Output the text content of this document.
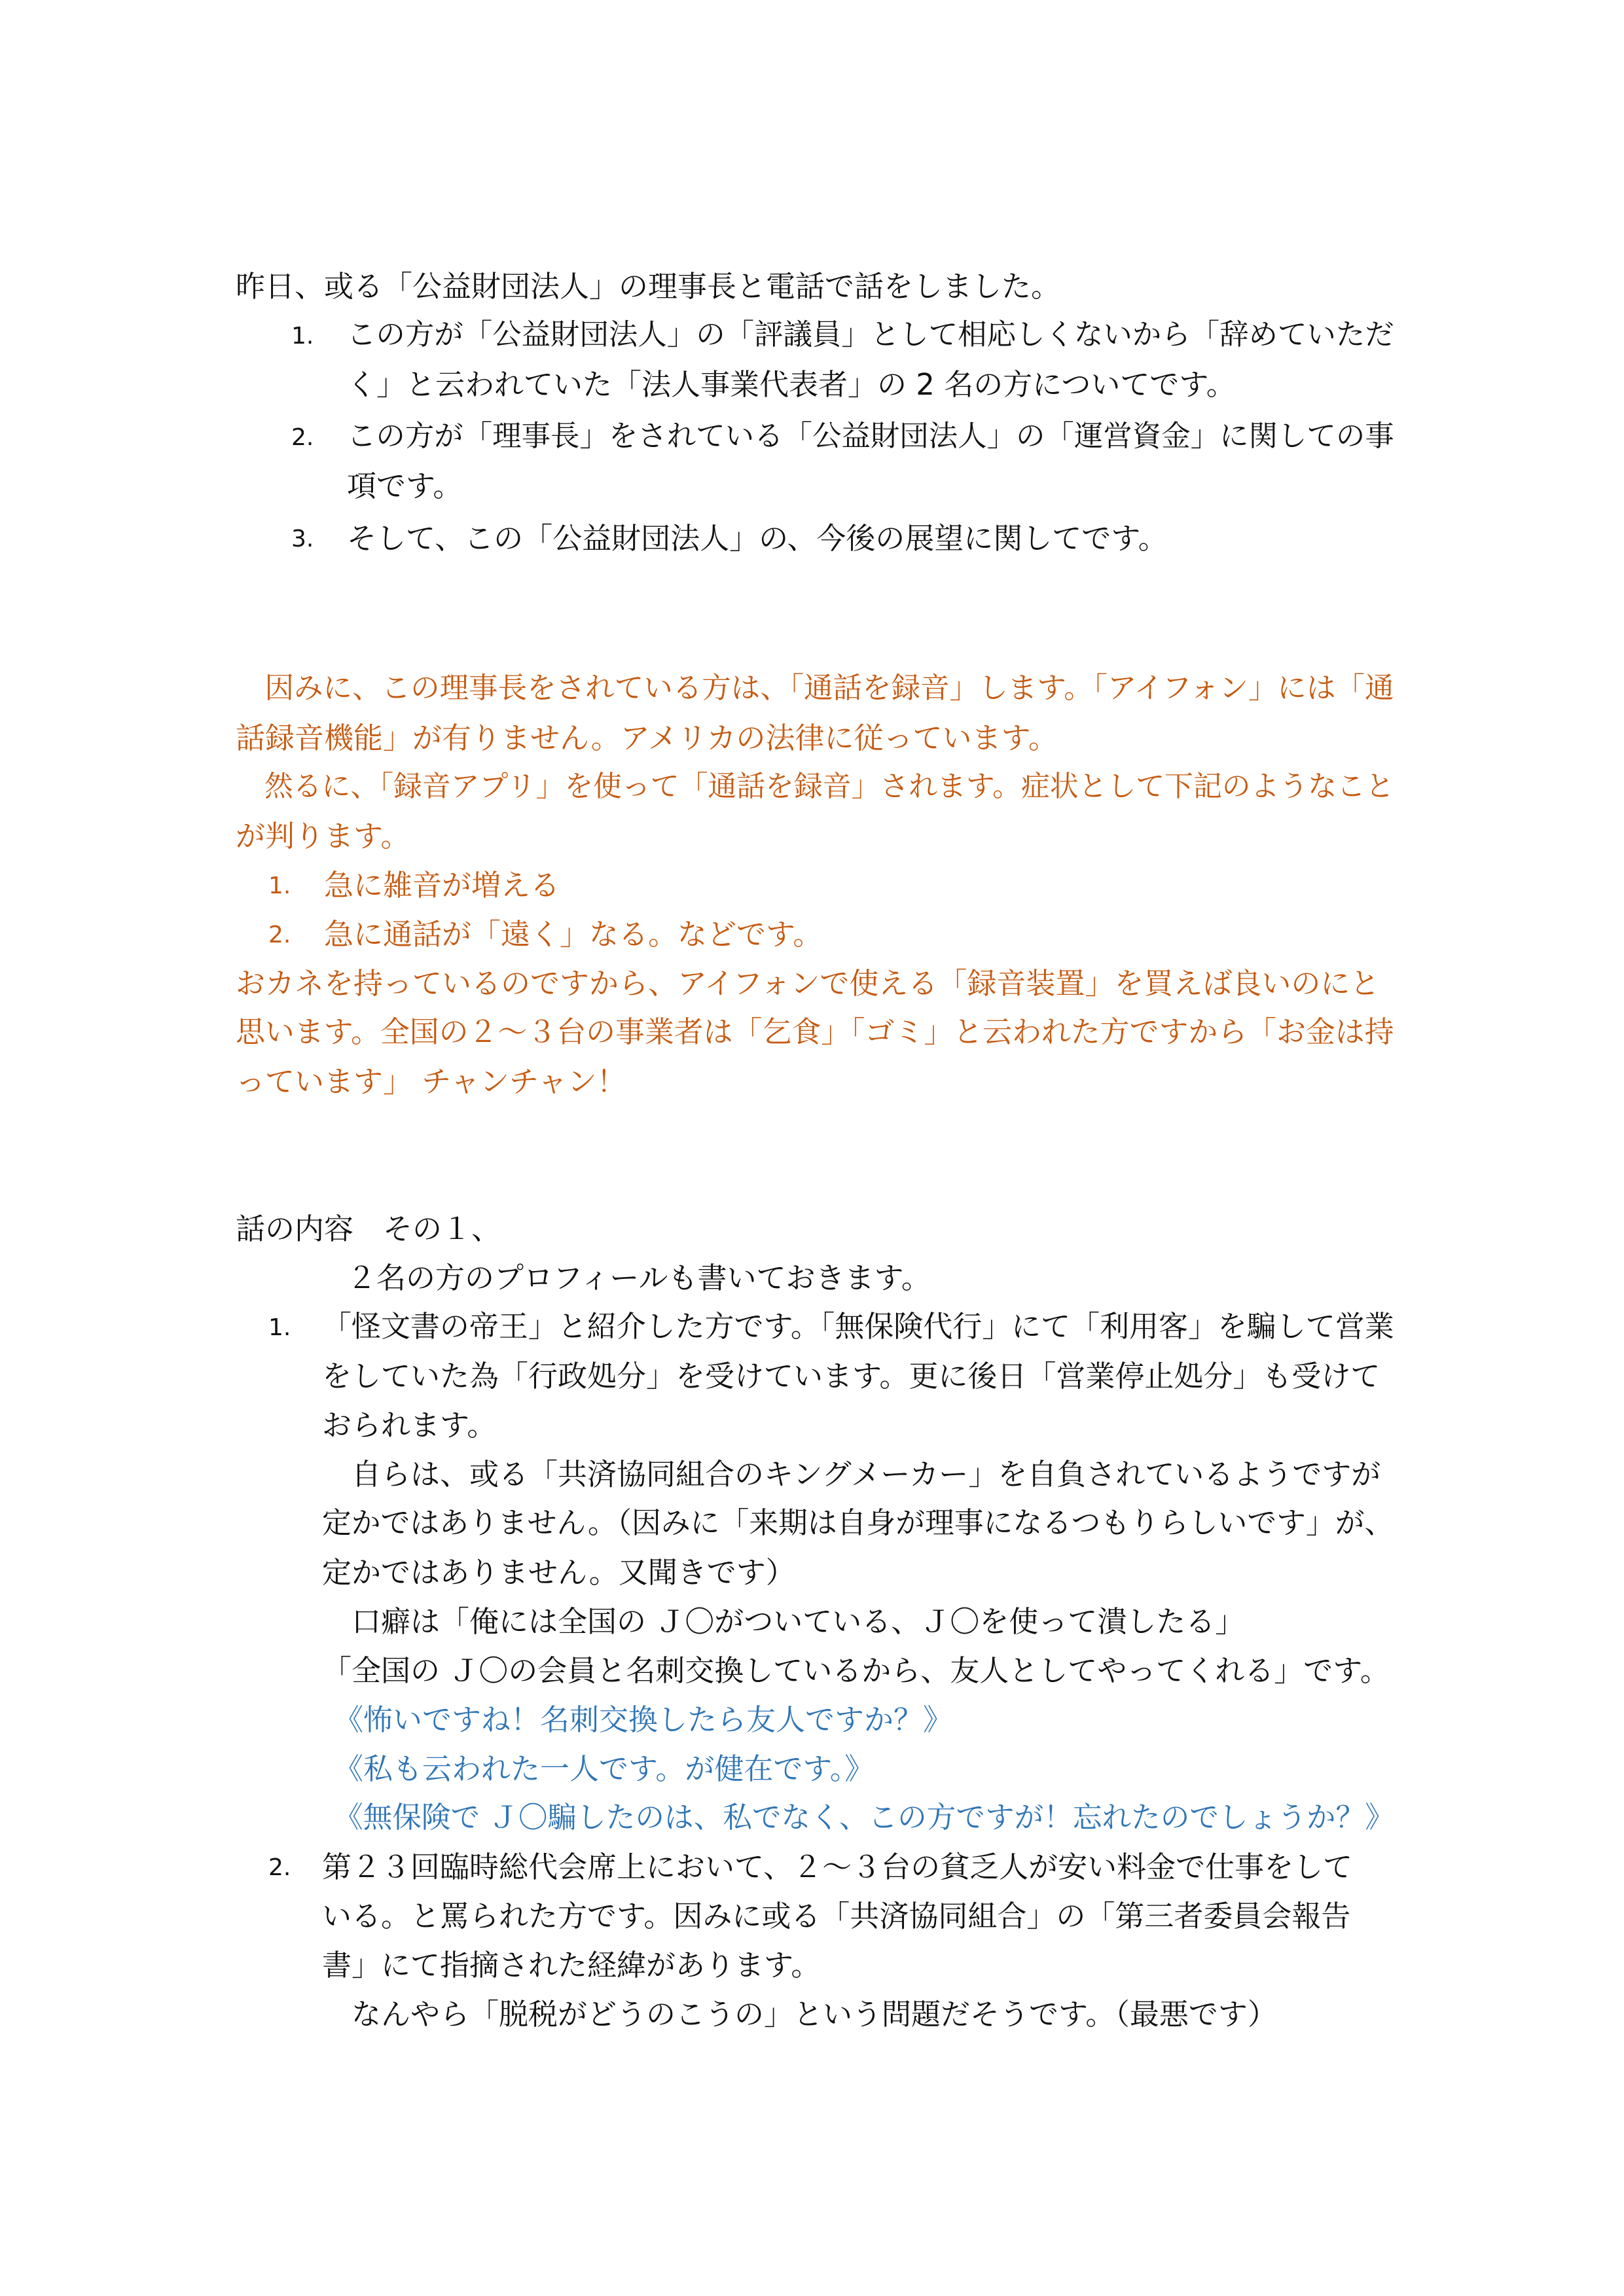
昨日、或る「公益財団法人」の理事長と電話で話をしました。
1. この方が「公益財団法人」の「評議員」として相応しくないから「辞めていただ
く」と云われていた「法人事業代表者」の 2 名の方についてです。
2. この方が「理事長」をされている「公益財団法人」の「運営資金」に関しての事
項です。
3. そして、この「公益財団法人」の、今後の展望に関してです。
　因みに、この理事長をされている方は、「通話を録音」します。「アイフォン」には「通
話録音機能」が有りません。アメリカの法律に従っています。
　然るに、「録音アプリ」を使って「通話を録音」されます。症状として下記のようなこと
が判ります。
1. 急に雑音が増える
2. 急に通話が「遠く」なる。などです。
おカネを持っているのですから、アイフォンで使える「録音装置」を買えば良いのにと
思います。全国の２～３台の事業者は「乞食」「ゴミ」と云われた方ですから「お金は持
っています」 チャンチャン！
話の内容　その１、
２名の方のプロフィールも書いておきます。
1. 「怪文書の帝王」と紹介した方です。「無保険代行」にて「利用客」を騙して営業
をしていた為「行政処分」を受けています。更に後日「営業停止処分」も受けて
おられます。
　自らは、或る「共済協同組合のキングメーカー」を自負されているようですが
定かではありません。（因みに「来期は自身が理事になるつもりらしいです」が、
定かではありません。又聞きです）
　口癖は「俺には全国の Ｊ〇がついている、Ｊ〇を使って潰したる」
「全国の Ｊ〇の会員と名刺交換しているから、友人としてやってくれる」です。
《怖いですね！名刺交換したら友人ですか？》
《私も云われた一人です。が健在です。》
《無保険で Ｊ〇騙したのは、私でなく、この方ですが！忘れたのでしょうか？》
2. 第２３回臨時総代会席上において、２～３台の貧乏人が安い料金で仕事をして
いる。と罵られた方です。因みに或る「共済協同組合」の「第三者委員会報告
書」にて指摘された経緯があります。
　なんやら「脱税がどうのこうの」という問題だそうです。（最悪です）
